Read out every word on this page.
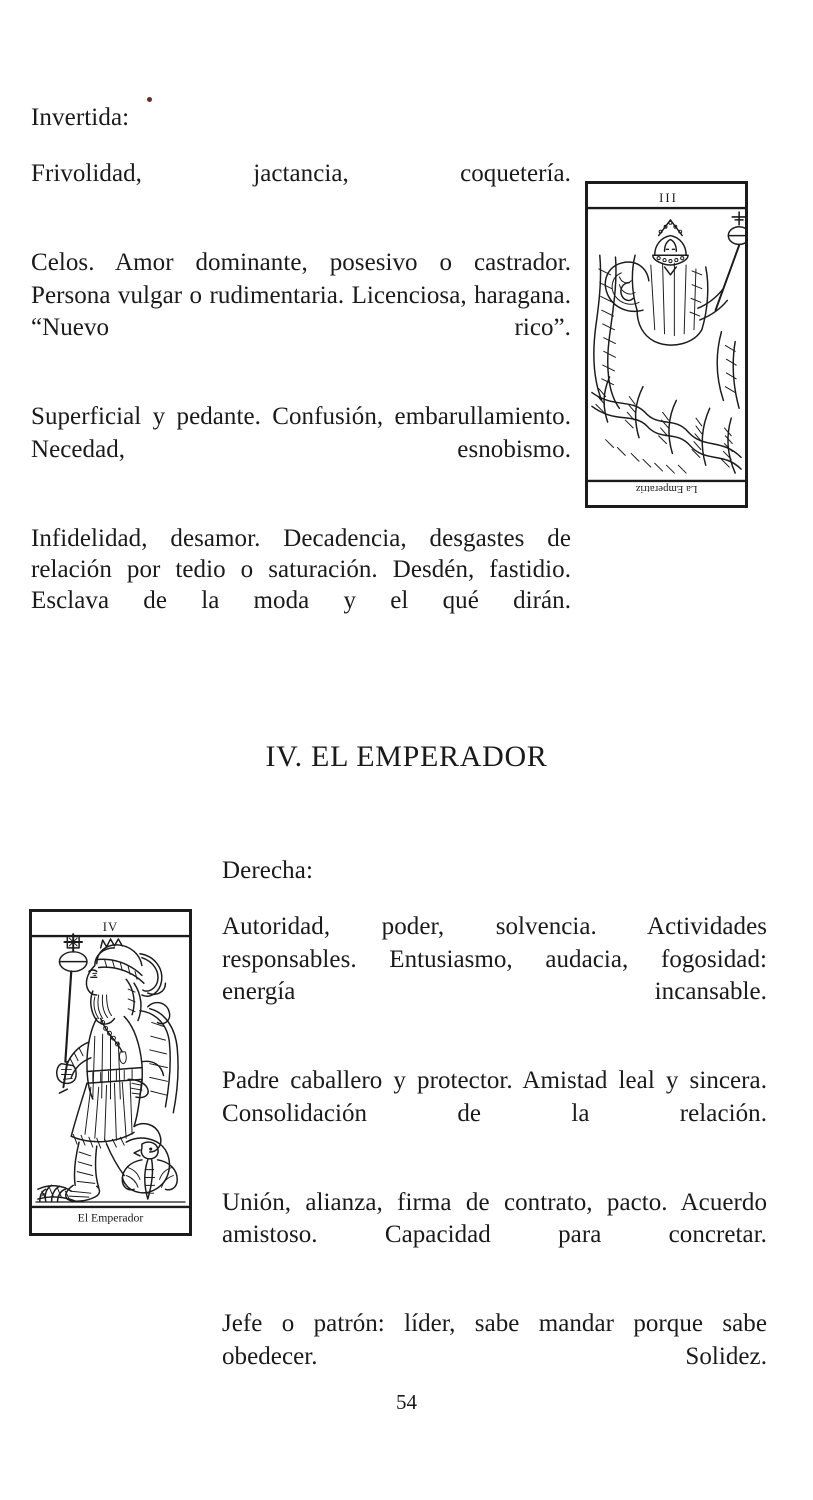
Invertida:

Frivolidad, jactancia, coquetería.

Celos. Amor dominante, posesivo o castrador. Persona vulgar o rudimentaria. Licenciosa, haragana. “Nuevo rico”.

Superficial y pedante. Confusión, embarullamiento. Necedad, esnobismo.

Infidelidad, desamor. Decadencia, desgastes de relación por tedio o saturación. Desdén, fastidio. Esclava de la moda y el qué dirán.

La Emperatriz
III
IV. EL EMPERADOR
IV
El Emperador
Derecha:

Autoridad, poder, solvencia. Actividades responsables. Entusiasmo, audacia, fogosidad: energía incansable.

Padre caballero y protector. Amistad leal y sincera. Consolidación de la relación.

Unión, alianza, firma de contrato, pacto. Acuerdo amistoso. Capacidad para concretar.

Jefe o patrón: líder, sabe mandar porque sabe obedecer. Solidez.

54
